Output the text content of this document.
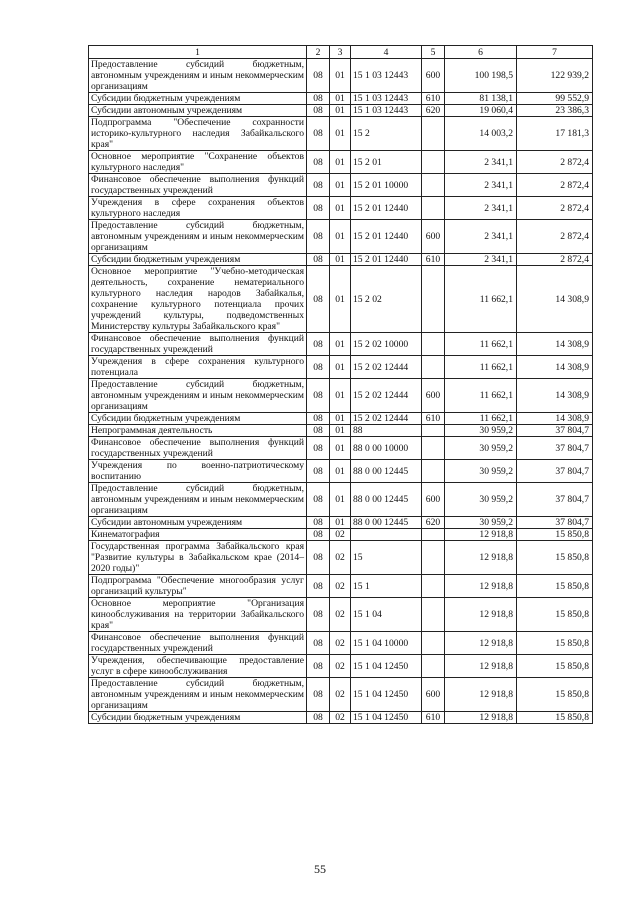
1	2	3	4	5	6	7
Предоставление субсидий бюджетным, автономным учреждениям и иным некоммерческим организациям	08	01	15 1 03 12443	600	100 198,5	122 939,2
Субсидии бюджетным учреждениям	08	01	15 1 03 12443	610	81 138,1	99 552,9
Субсидии автономным учреждениям	08	01	15 1 03 12443	620	19 060,4	23 386,3
Подпрограмма "Обеспечение сохранности историко-культурного наследия Забайкальского края"	08	01	15 2		14 003,2	17 181,3
Основное мероприятие "Сохранение объектов культурного наследия"	08	01	15 2 01		2 341,1	2 872,4
Финансовое обеспечение выполнения функций государственных учреждений	08	01	15 2 01 10000		2 341,1	2 872,4
Учреждения в сфере сохранения объектов культурного наследия	08	01	15 2 01 12440		2 341,1	2 872,4
Предоставление субсидий бюджетным, автономным учреждениям и иным некоммерческим организациям	08	01	15 2 01 12440	600	2 341,1	2 872,4
Субсидии бюджетным учреждениям	08	01	15 2 01 12440	610	2 341,1	2 872,4
Основное мероприятие "Учебно-методическая деятельность, сохранение нематериального культурного наследия народов Забайкалья, сохранение культурного потенциала прочих учреждений культуры, подведомственных Министерству культуры Забайкальского края"	08	01	15 2 02		11 662,1	14 308,9
Финансовое обеспечение выполнения функций государственных учреждений	08	01	15 2 02 10000		11 662,1	14 308,9
Учреждения в сфере сохранения культурного потенциала	08	01	15 2 02 12444		11 662,1	14 308,9
Предоставление субсидий бюджетным, автономным учреждениям и иным некоммерческим организациям	08	01	15 2 02 12444	600	11 662,1	14 308,9
Субсидии бюджетным учреждениям	08	01	15 2 02 12444	610	11 662,1	14 308,9
Непрограммная деятельность	08	01	88		30 959,2	37 804,7
Финансовое обеспечение выполнения функций государственных учреждений	08	01	88 0 00 10000		30 959,2	37 804,7
Учреждения по военно-патриотическому воспитанию	08	01	88 0 00 12445		30 959,2	37 804,7
Предоставление субсидий бюджетным, автономным учреждениям и иным некоммерческим организациям	08	01	88 0 00 12445	600	30 959,2	37 804,7
Субсидии автономным учреждениям	08	01	88 0 00 12445	620	30 959,2	37 804,7
Кинематография	08	02			12 918,8	15 850,8
Государственная программа Забайкальского края "Развитие культуры в Забайкальском крае (2014–2020 годы)"	08	02	15		12 918,8	15 850,8
Подпрограмма "Обеспечение многообразия услуг организаций культуры"	08	02	15 1		12 918,8	15 850,8
Основное мероприятие "Организация кинообслуживания на территории Забайкальского края"	08	02	15 1 04		12 918,8	15 850,8
Финансовое обеспечение выполнения функций государственных учреждений	08	02	15 1 04 10000		12 918,8	15 850,8
Учреждения, обеспечивающие предоставление услуг в сфере кинообслуживания	08	02	15 1 04 12450		12 918,8	15 850,8
Предоставление субсидий бюджетным, автономным учреждениям и иным некоммерческим организациям	08	02	15 1 04 12450	600	12 918,8	15 850,8
Субсидии бюджетным учреждениям	08	02	15 1 04 12450	610	12 918,8	15 850,8
55
